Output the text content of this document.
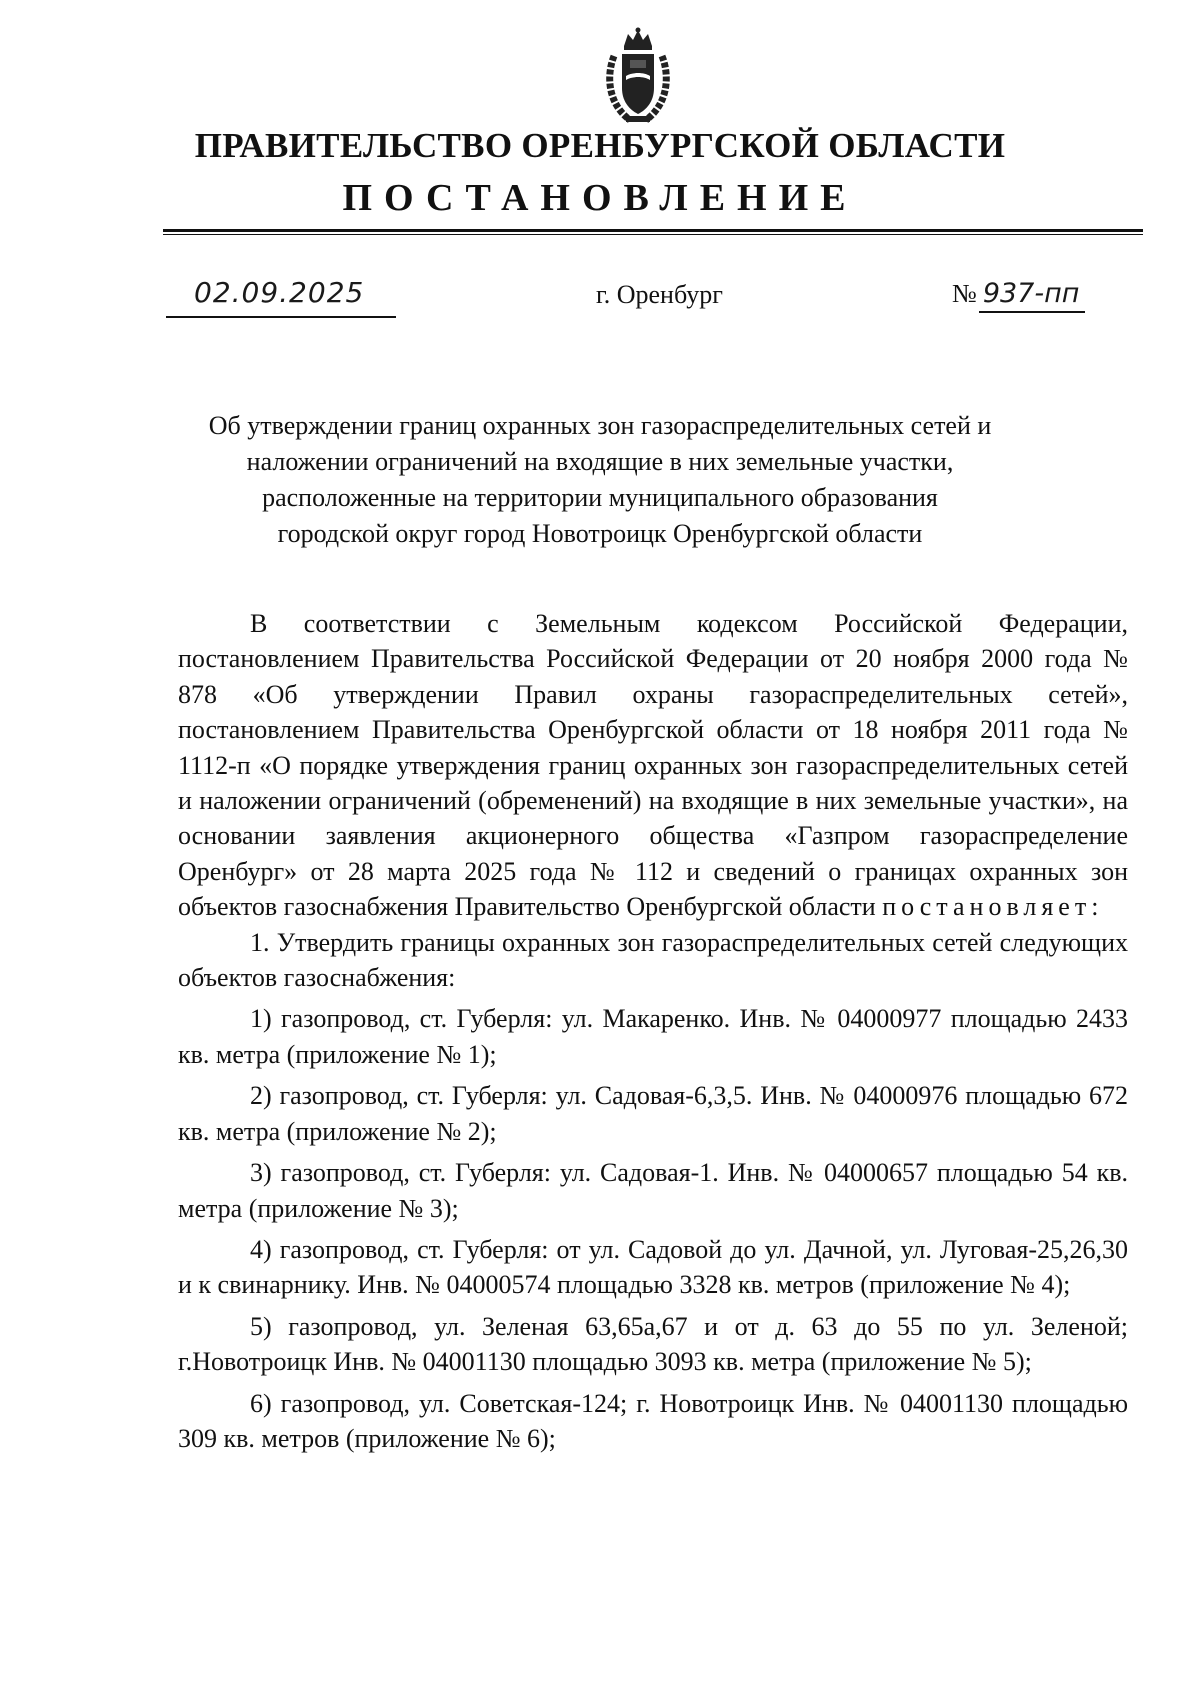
ПРАВИТЕЛЬСТВО ОРЕНБУРГСКОЙ ОБЛАСТИ
ПОСТАНОВЛЕНИЕ
02.09.2025	г. Оренбург	№ 937-пп
Об утверждении границ охранных зон газораспределительных сетей и
наложении ограничений на входящие в них земельные участки,
расположенные на территории муниципального образования
городской округ город Новотроицк Оренбургской области

В соответствии с Земельным кодексом Российской Федерации, постановлением Правительства Российской Федерации от 20 ноября 2000 года № 878 «Об утверждении Правил охраны газораспределительных сетей», постановлением Правительства Оренбургской области от 18 ноября 2011 года № 1112-п «О порядке утверждения границ охранных зон газораспределительных сетей и наложении ограничений (обременений) на входящие в них земельные участки», на основании заявления акционерного общества «Газпром газораспределение Оренбург» от 28 марта 2025 года № 112 и сведений о границах охранных зон объектов газоснабжения Правительство Оренбургской области постановляет:

1. Утвердить границы охранных зон газораспределительных сетей следующих объектов газоснабжения:

1) газопровод, ст. Губерля: ул. Макаренко. Инв. № 04000977 площадью 2433 кв. метра (приложение № 1);

2) газопровод, ст. Губерля: ул. Садовая-6,3,5. Инв. № 04000976 площадью 672 кв. метра (приложение № 2);

3) газопровод, ст. Губерля: ул. Садовая-1. Инв. № 04000657 площадью 54 кв. метра (приложение № 3);

4) газопровод, ст. Губерля: от ул. Садовой до ул. Дачной, ул. Луговая-25,26,30 и к свинарнику. Инв. № 04000574 площадью 3328 кв. метров (приложение № 4);

5) газопровод, ул. Зеленая 63,65а,67 и от д. 63 до 55 по ул. Зеленой; г.Новотроицк Инв. № 04001130 площадью 3093 кв. метра (приложение № 5);

6) газопровод, ул. Советская-124; г. Новотроицк Инв. № 04001130 площадью 309 кв. метров (приложение № 6);
